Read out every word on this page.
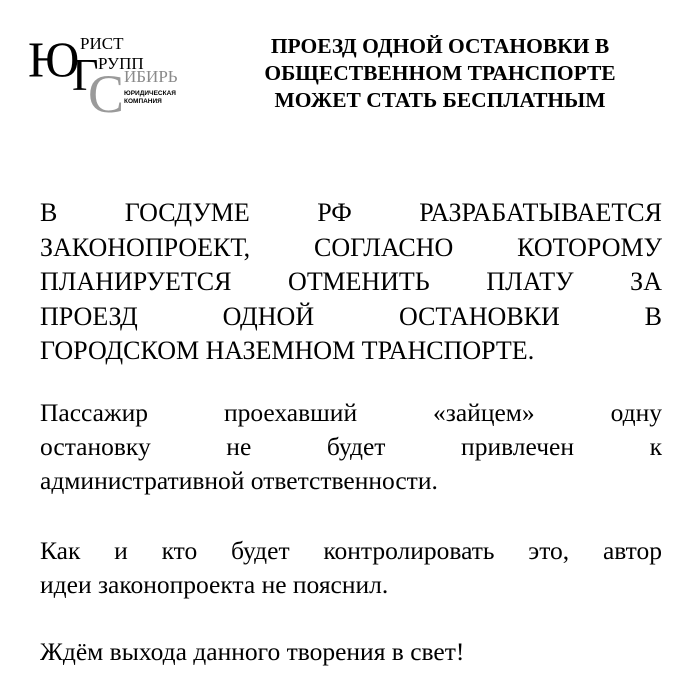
Ю РИСТ
Г РУПП
С ИБИРЬ
ЮРИДИЧЕСКАЯ
КОМПАНИЯ
ПРОЕЗД ОДНОЙ ОСТАНОВКИ В
ОБЩЕСТВЕННОМ ТРАНСПОРТЕ
МОЖЕТ СТАТЬ БЕСПЛАТНЫМ
В ГОСДУМЕ РФ РАЗРАБАТЫВАЕТСЯ
ЗАКОНОПРОЕКТ, СОГЛАСНО КОТОРОМУ
ПЛАНИРУЕТСЯ ОТМЕНИТЬ ПЛАТУ ЗА
ПРОЕЗД ОДНОЙ ОСТАНОВКИ В
ГОРОДСКОМ НАЗЕМНОМ ТРАНСПОРТЕ.
Пассажир проехавший «зайцем» одну
остановку не будет привлечен к
административной ответственности.
Как и кто будет контролировать это, автор
идеи законопроекта не пояснил.
Ждём выхода данного творения в свет!
